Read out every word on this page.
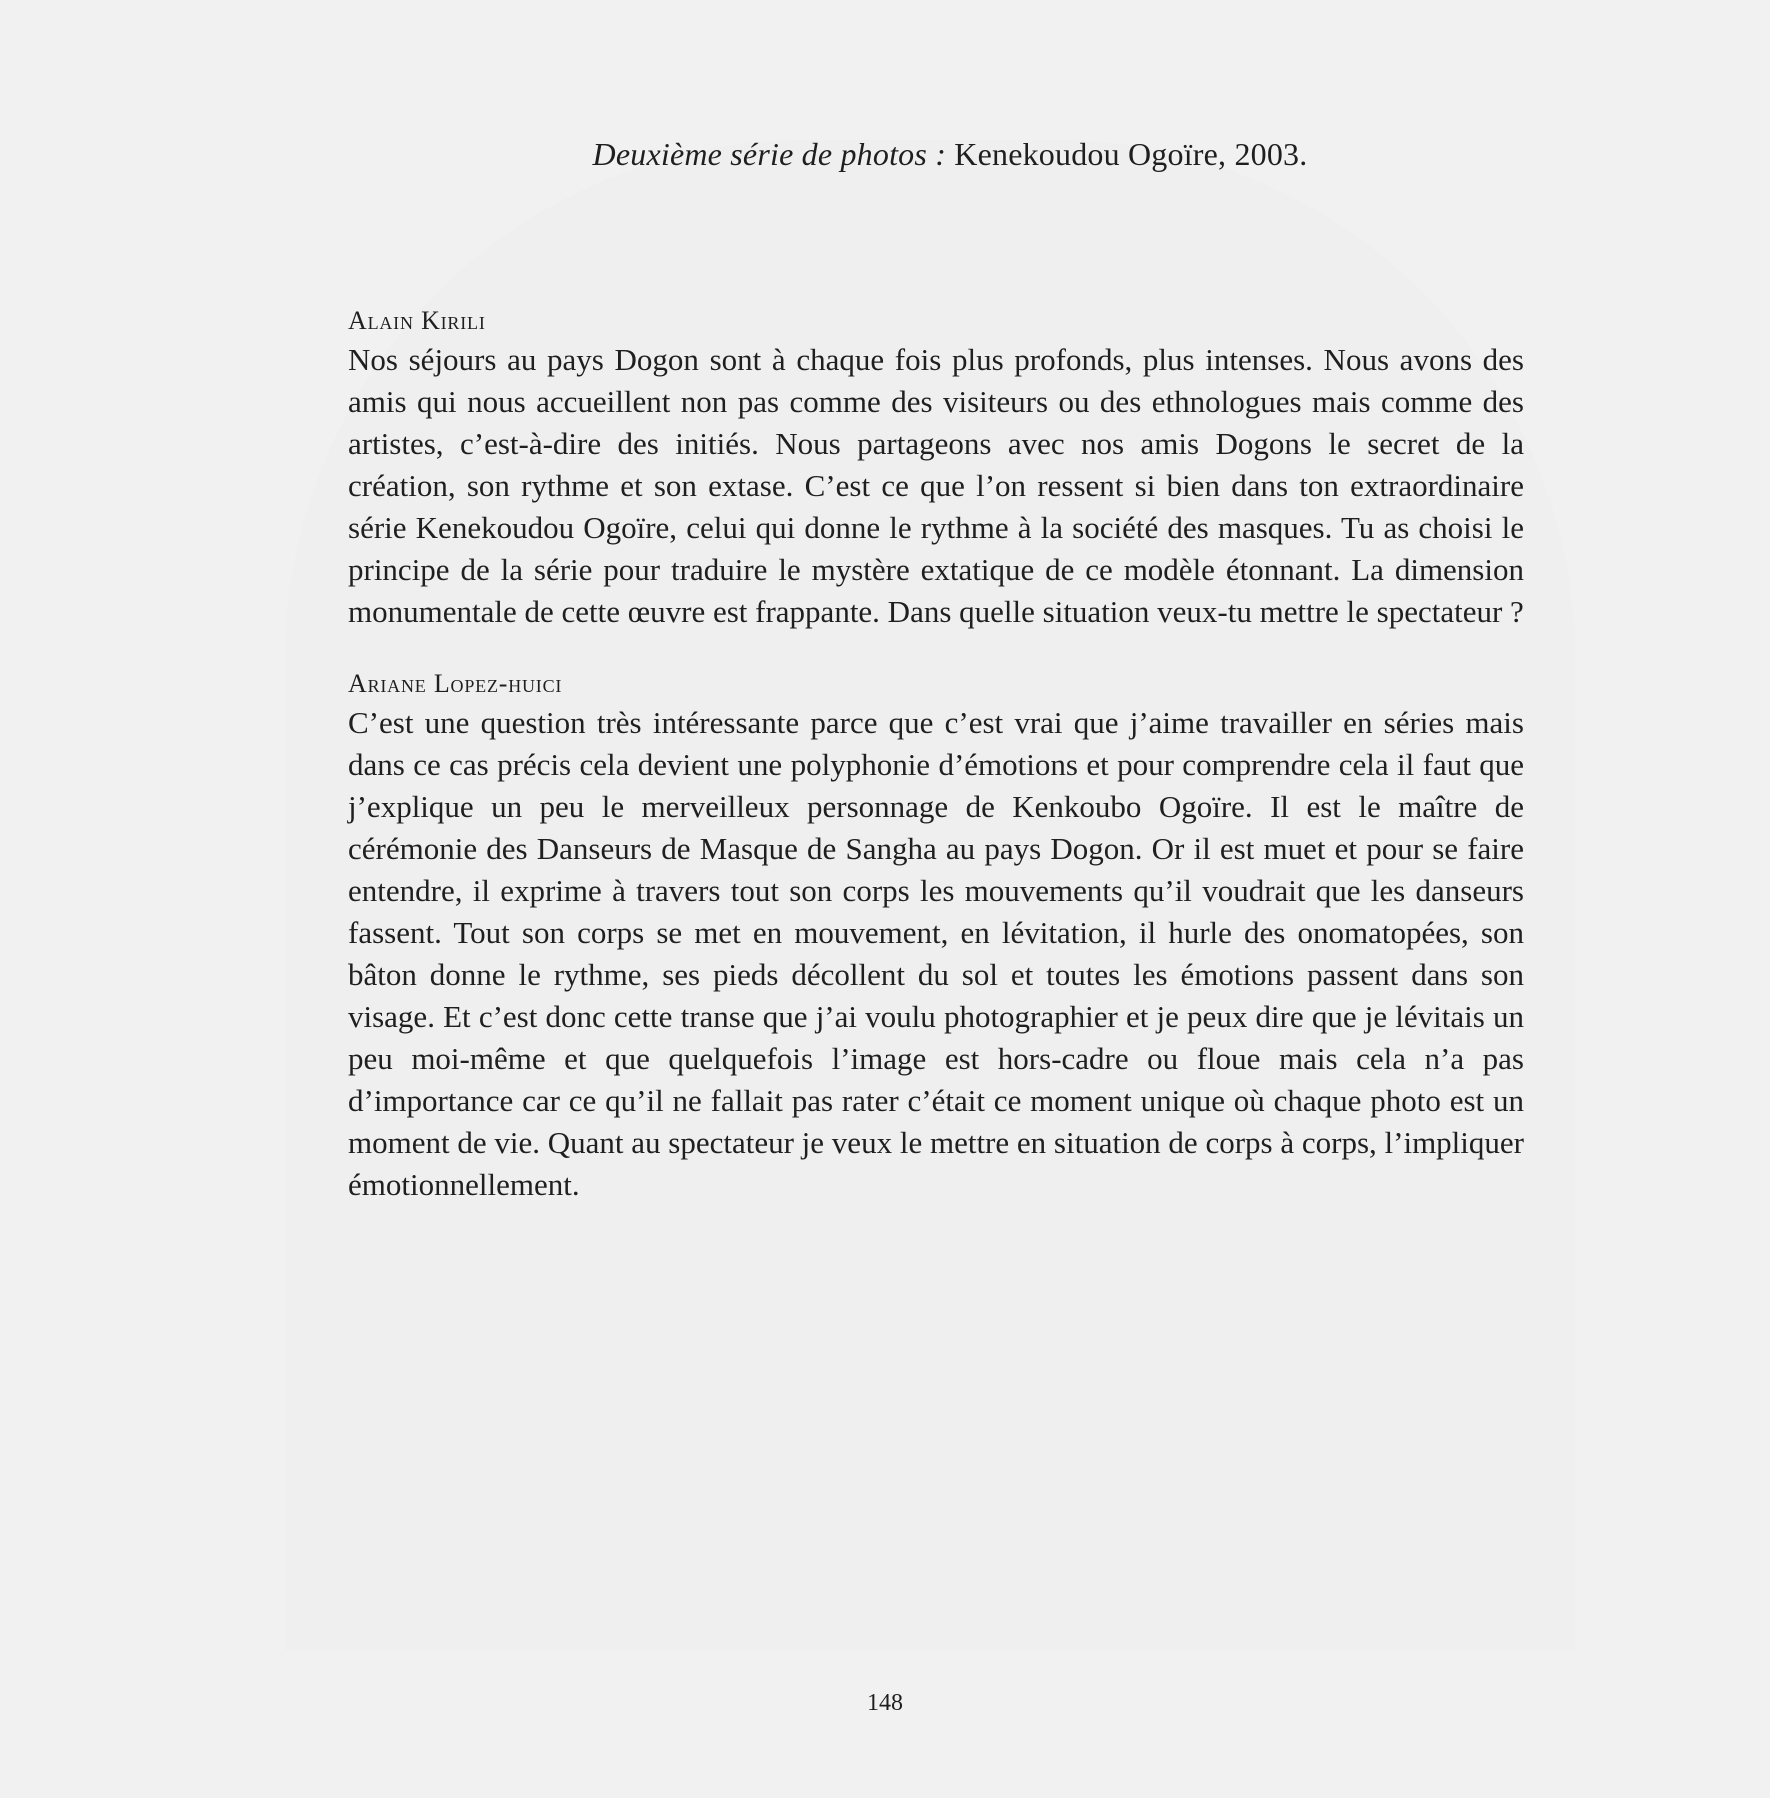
Deuxième série de photos : Kenekoudou Ogoïre, 2003.

Alain Kirili

Nos séjours au pays Dogon sont à chaque fois plus profonds, plus intenses. Nous avons des amis qui nous accueillent non pas comme des visiteurs ou des ethnologues mais comme des artistes, c’est-à-dire des initiés. Nous partageons avec nos amis Dogons le secret de la création, son rythme et son extase. C’est ce que l’on ressent si bien dans ton extraordinaire série Kenekoudou Ogoïre, celui qui donne le rythme à la société des masques. Tu as choisi le principe de la série pour traduire le mystère extatique de ce modèle étonnant. La dimension monumentale de cette œuvre est frappante. Dans quelle situation veux-tu mettre le spectateur ?

Ariane Lopez-huici

C’est une question très intéressante parce que c’est vrai que j’aime travailler en séries mais dans ce cas précis cela devient une polyphonie d’émotions et pour comprendre cela il faut que j’explique un peu le merveilleux personnage de Kenkoubo Ogoïre. Il est le maître de cérémonie des Danseurs de Masque de Sangha au pays Dogon. Or il est muet et pour se faire entendre, il exprime à travers tout son corps les mouvements qu’il voudrait que les danseurs fassent. Tout son corps se met en mouvement, en lévitation, il hurle des onomatopées, son bâton donne le rythme, ses pieds décollent du sol et toutes les émotions passent dans son visage. Et c’est donc cette transe que j’ai voulu photographier et je peux dire que je lévitais un peu moi-même et que quelquefois l’image est hors-cadre ou floue mais cela n’a pas d’importance car ce qu’il ne fallait pas rater c’était ce moment unique où chaque photo est un moment de vie. Quant au spectateur je veux le mettre en situation de corps à corps, l’impliquer émotionnellement.

148
